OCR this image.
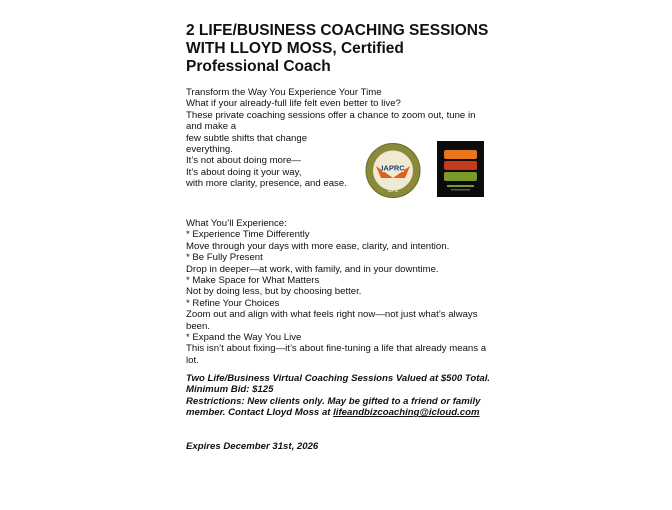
2 LIFE/BUSINESS COACHING SESSIONS
WITH LLOYD MOSS, Certified
Professional Coach

Transform the Way You Experience Your Time

What if your already-full life felt even better to live?

These private coaching sessions offer a chance to zoom out, tune in and make a

few subtle shifts that change

everything.

It’s not about doing more—

It’s about doing it your way,

with more clarity, presence, and ease.

IAPRC
CPC

What You’ll Experience:

* Experience Time Differently

Move through your days with more ease, clarity, and intention.

* Be Fully Present

Drop in deeper—at work, with family, and in your downtime.

* Make Space for What Matters

Not by doing less, but by choosing better.

* Refine Your Choices

Zoom out and align with what feels right now—not just what’s always been.

* Expand the Way You Live

This isn’t about fixing—it’s about fine-tuning a life that already means a lot.

Two Life/Business Virtual Coaching Sessions Valued at $500 Total.

Minimum Bid: $125

Restrictions: New clients only. May be gifted to a friend or family member. Contact Lloyd Moss at lifeandbizcoaching@icloud.com

Expires December 31st, 2026
